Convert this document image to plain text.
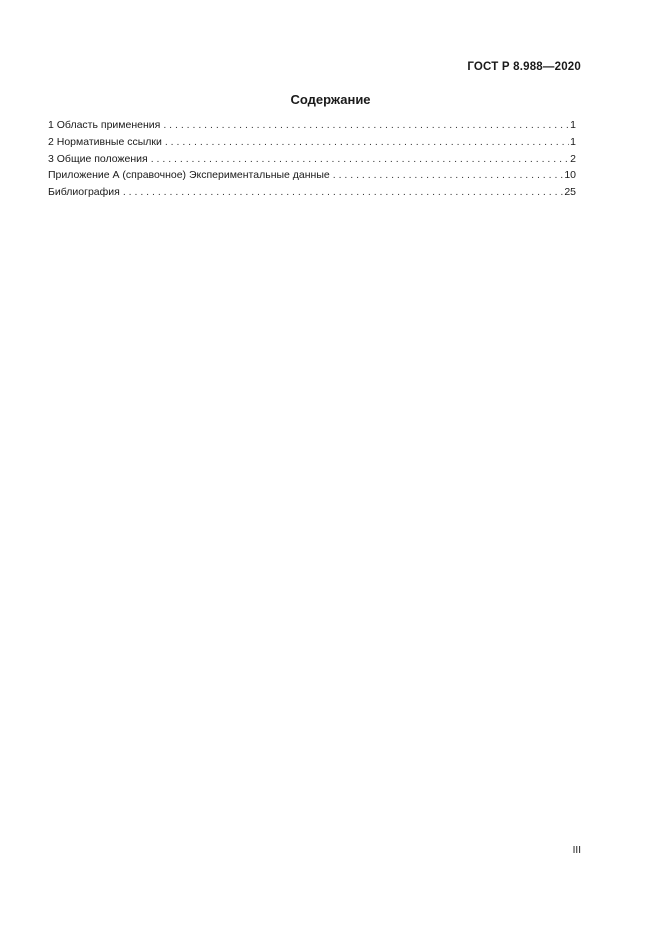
ГОСТ Р 8.988—2020
Содержание
1 Область применения . . .	1
2 Нормативные ссылки . . .	1
3 Общие положения . . .	2
Приложение А (справочное) Экспериментальные данные . . .	10
Библиография . . .	25
III
